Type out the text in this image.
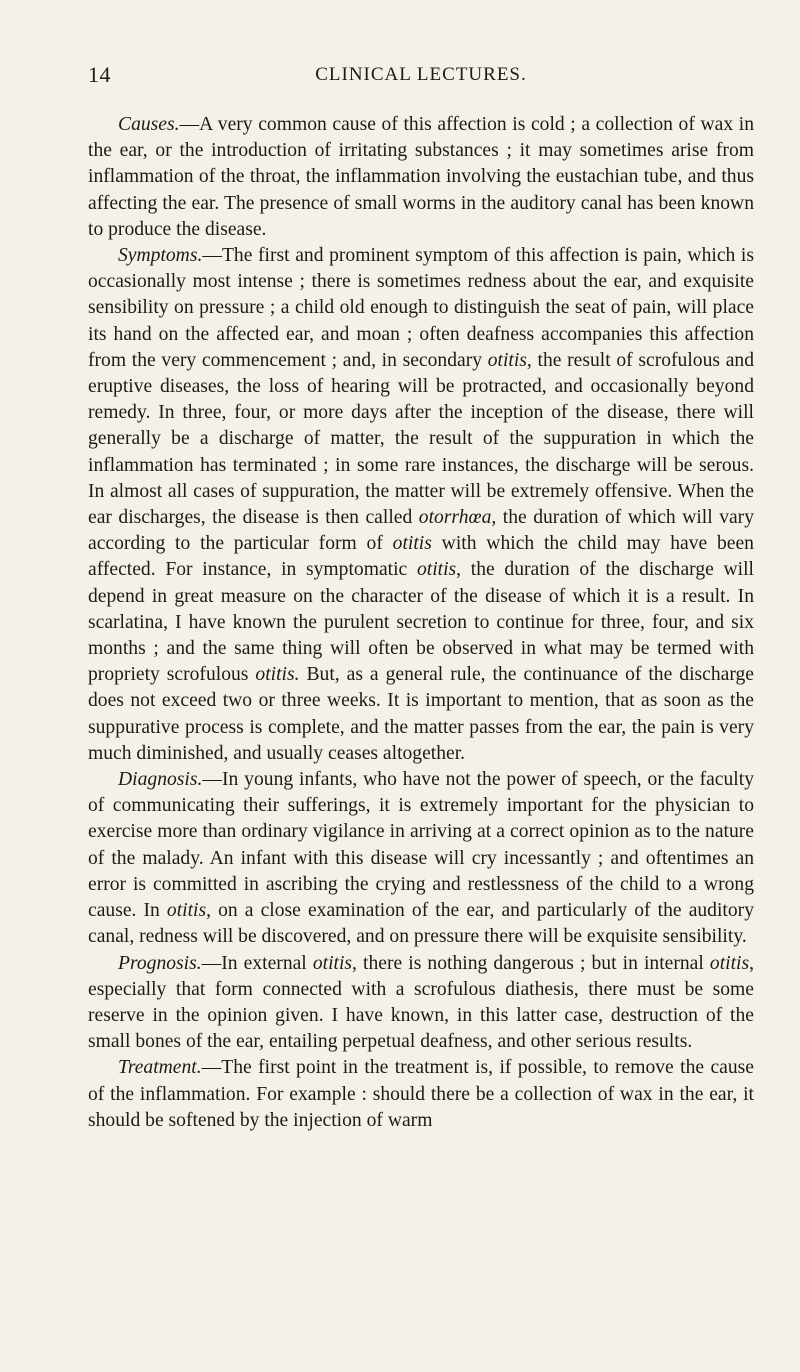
14	CLINICAL LECTURES.

Causes.—A very common cause of this affection is cold ; a collection of wax in the ear, or the introduction of irritating substances ; it may sometimes arise from inflammation of the throat, the inflammation involving the eustachian tube, and thus affecting the ear. The presence of small worms in the auditory canal has been known to produce the disease.

Symptoms.—The first and prominent symptom of this affection is pain, which is occasionally most intense ; there is sometimes redness about the ear, and exquisite sensibility on pressure ; a child old enough to distinguish the seat of pain, will place its hand on the affected ear, and moan ; often deafness accompanies this affection from the very commencement ; and, in secondary otitis, the result of scrofulous and eruptive diseases, the loss of hearing will be protracted, and occasionally beyond remedy. In three, four, or more days after the inception of the disease, there will generally be a discharge of matter, the result of the suppuration in which the inflammation has terminated ; in some rare instances, the discharge will be serous. In almost all cases of suppuration, the matter will be extremely offensive. When the ear discharges, the disease is then called otorrhœa, the duration of which will vary according to the particular form of otitis with which the child may have been affected. For instance, in symptomatic otitis, the duration of the discharge will depend in great measure on the character of the disease of which it is a result. In scarlatina, I have known the purulent secretion to continue for three, four, and six months ; and the same thing will often be observed in what may be termed with propriety scrofulous otitis. But, as a general rule, the continuance of the discharge does not exceed two or three weeks. It is important to mention, that as soon as the suppurative process is complete, and the matter passes from the ear, the pain is very much diminished, and usually ceases altogether.

Diagnosis.—In young infants, who have not the power of speech, or the faculty of communicating their sufferings, it is extremely important for the physician to exercise more than ordinary vigilance in arriving at a correct opinion as to the nature of the malady. An infant with this disease will cry incessantly ; and oftentimes an error is committed in ascribing the crying and restlessness of the child to a wrong cause. In otitis, on a close examination of the ear, and particularly of the auditory canal, redness will be discovered, and on pressure there will be exquisite sensibility.

Prognosis.—In external otitis, there is nothing dangerous ; but in internal otitis, especially that form connected with a scrofulous diathesis, there must be some reserve in the opinion given. I have known, in this latter case, destruction of the small bones of the ear, entailing perpetual deafness, and other serious results.

Treatment.—The first point in the treatment is, if possible, to remove the cause of the inflammation. For example : should there be a collection of wax in the ear, it should be softened by the injection of warm
